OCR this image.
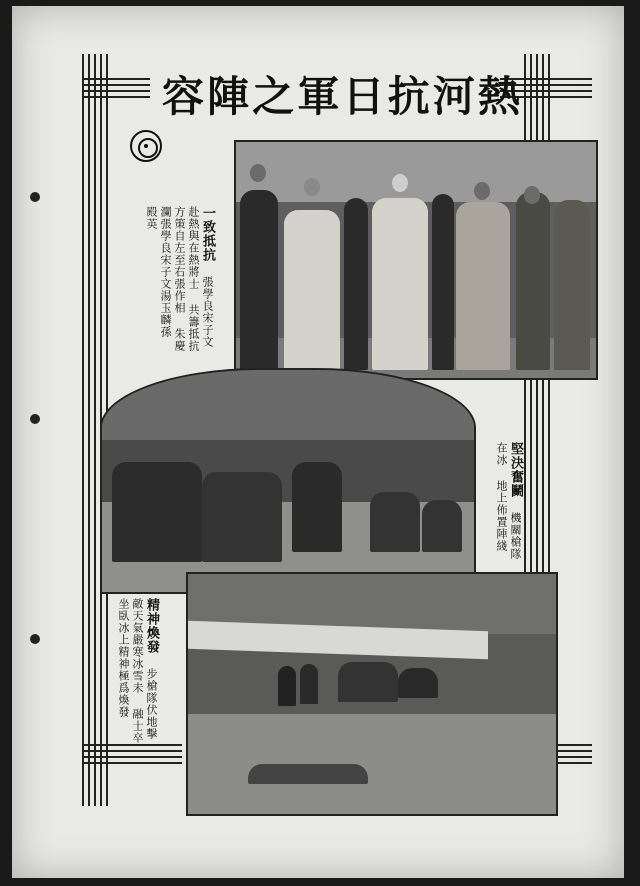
熱
河
抗
日
軍
之
陣
容
一致抵抗 張學良宋子文赴熱與在熱將士 共籌抵抗方策自左至右張作相 朱慶瀾張學良宋子文湯玉麟孫 殿英
堅決奮鬭 機關槍隊在冰 地上佈置陣綫
精神煥發 步槍隊伏地擊敵天氣嚴寒冰雪未 融士卒坐臥冰上精神極爲煥發
